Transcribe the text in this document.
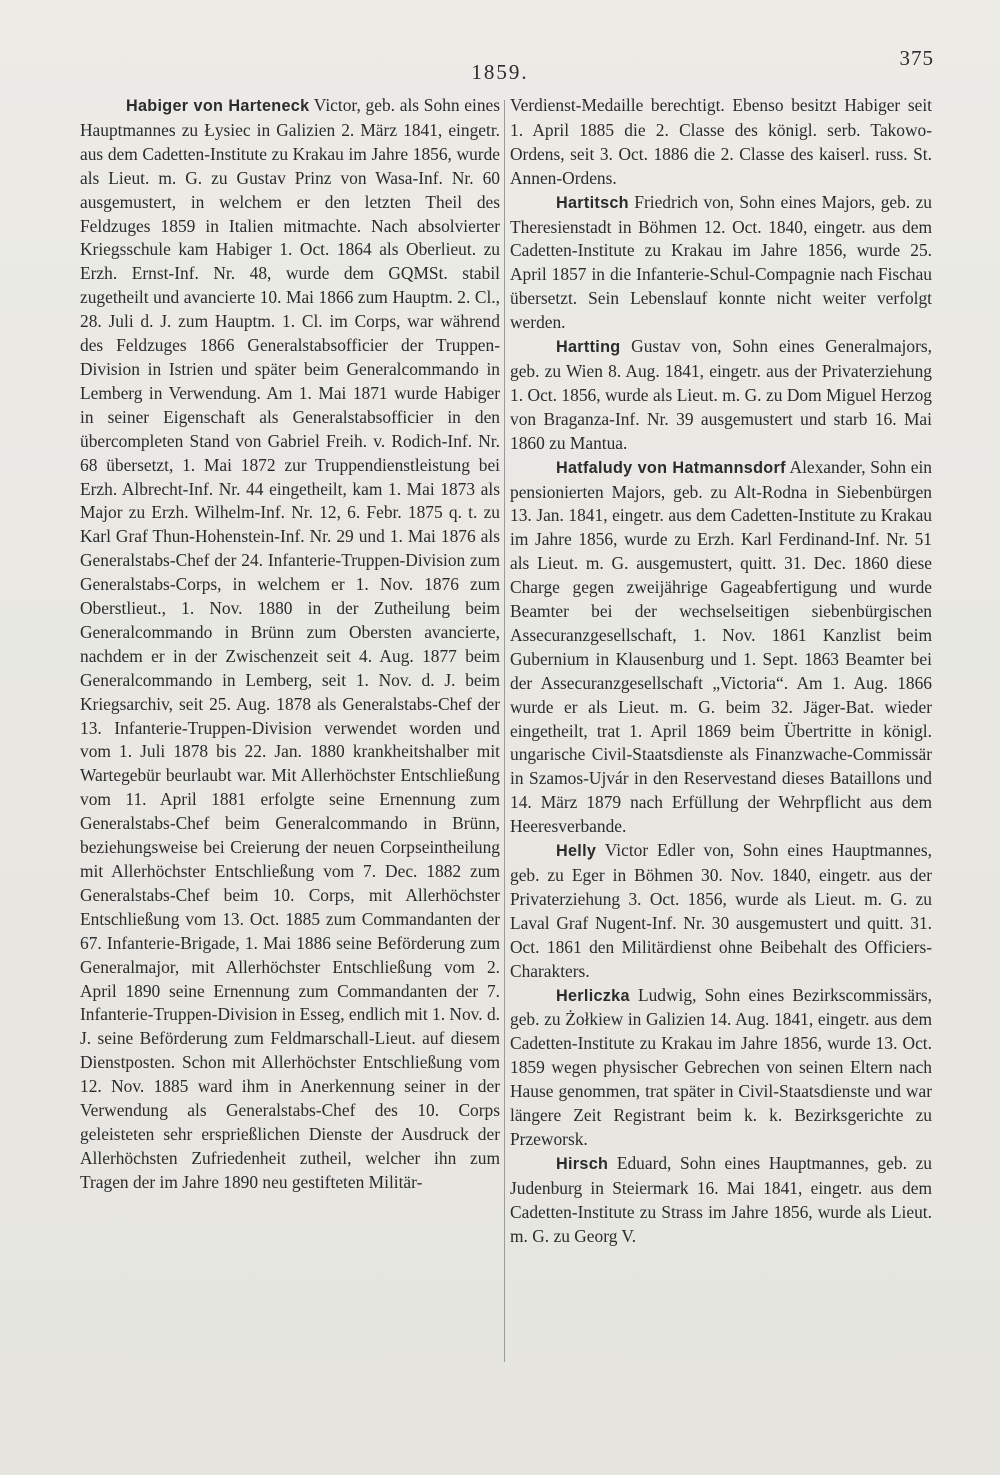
1859.
375

Habiger von Harteneck Victor, geb. als Sohn eines Hauptmannes zu Łysiec in Galizien 2. März 1841, eingetr. aus dem Cadetten-Institute zu Krakau im Jahre 1856, wurde als Lieut. m. G. zu Gustav Prinz von Wasa-Inf. Nr. 60 ausgemustert, in welchem er den letzten Theil des Feldzuges 1859 in Italien mitmachte. Nach absolvierter Kriegsschule kam Habiger 1. Oct. 1864 als Oberlieut. zu Erzh. Ernst-Inf. Nr. 48, wurde dem GQMSt. stabil zugetheilt und avancierte 10. Mai 1866 zum Hauptm. 2. Cl., 28. Juli d. J. zum Hauptm. 1. Cl. im Corps, war während des Feldzuges 1866 Generalstabsofficier der Truppen-Division in Istrien und später beim Generalcommando in Lemberg in Verwendung. Am 1. Mai 1871 wurde Habiger in seiner Eigenschaft als Generalstabsofficier in den übercompleten Stand von Gabriel Freih. v. Rodich-Inf. Nr. 68 übersetzt, 1. Mai 1872 zur Truppendienstleistung bei Erzh. Albrecht-Inf. Nr. 44 eingetheilt, kam 1. Mai 1873 als Major zu Erzh. Wilhelm-Inf. Nr. 12, 6. Febr. 1875 q. t. zu Karl Graf Thun-Hohenstein-Inf. Nr. 29 und 1. Mai 1876 als Generalstabs-Chef der 24. Infanterie-Truppen-Division zum Generalstabs-Corps, in welchem er 1. Nov. 1876 zum Oberstlieut., 1. Nov. 1880 in der Zutheilung beim Generalcommando in Brünn zum Obersten avancierte, nachdem er in der Zwischenzeit seit 4. Aug. 1877 beim Generalcommando in Lemberg, seit 1. Nov. d. J. beim Kriegsarchiv, seit 25. Aug. 1878 als Generalstabs-Chef der 13. Infanterie-Truppen-Division verwendet worden und vom 1. Juli 1878 bis 22. Jan. 1880 krankheitshalber mit Wartegebür beurlaubt war. Mit Allerhöchster Entschließung vom 11. April 1881 erfolgte seine Ernennung zum Generalstabs-Chef beim Generalcommando in Brünn, beziehungsweise bei Creierung der neuen Corpseintheilung mit Allerhöchster Entschließung vom 7. Dec. 1882 zum Generalstabs-Chef beim 10. Corps, mit Allerhöchster Entschließung vom 13. Oct. 1885 zum Commandanten der 67. Infanterie-Brigade, 1. Mai 1886 seine Beförderung zum Generalmajor, mit Allerhöchster Entschließung vom 2. April 1890 seine Ernennung zum Commandanten der 7. Infanterie-Truppen-Division in Esseg, endlich mit 1. Nov. d. J. seine Beförderung zum Feldmarschall-Lieut. auf diesem Dienstposten. Schon mit Allerhöchster Entschließung vom 12. Nov. 1885 ward ihm in Anerkennung seiner in der Verwendung als Generalstabs-Chef des 10. Corps geleisteten sehr ersprießlichen Dienste der Ausdruck der Allerhöchsten Zufriedenheit zutheil, welcher ihn zum Tragen der im Jahre 1890 neu gestifteten Militär-

Verdienst-Medaille berechtigt. Ebenso besitzt Habiger seit 1. April 1885 die 2. Classe des königl. serb. Takowo-Ordens, seit 3. Oct. 1886 die 2. Classe des kaiserl. russ. St. Annen-Ordens.

Hartitsch Friedrich von, Sohn eines Majors, geb. zu Theresienstadt in Böhmen 12. Oct. 1840, eingetr. aus dem Cadetten-Institute zu Krakau im Jahre 1856, wurde 25. April 1857 in die Infanterie-Schul-Compagnie nach Fischau übersetzt. Sein Lebenslauf konnte nicht weiter verfolgt werden.

Hartting Gustav von, Sohn eines Generalmajors, geb. zu Wien 8. Aug. 1841, eingetr. aus der Privaterziehung 1. Oct. 1856, wurde als Lieut. m. G. zu Dom Miguel Herzog von Braganza-Inf. Nr. 39 ausgemustert und starb 16. Mai 1860 zu Mantua.

Hatfaludy von Hatmannsdorf Alexander, Sohn ein pensionierten Majors, geb. zu Alt-Rodna in Siebenbürgen 13. Jan. 1841, eingetr. aus dem Cadetten-Institute zu Krakau im Jahre 1856, wurde zu Erzh. Karl Ferdinand-Inf. Nr. 51 als Lieut. m. G. ausgemustert, quitt. 31. Dec. 1860 diese Charge gegen zweijährige Gageabfertigung und wurde Beamter bei der wechselseitigen siebenbürgischen Assecuranzgesellschaft, 1. Nov. 1861 Kanzlist beim Gubernium in Klausenburg und 1. Sept. 1863 Beamter bei der Assecuranzgesellschaft „Victoria“. Am 1. Aug. 1866 wurde er als Lieut. m. G. beim 32. Jäger-Bat. wieder eingetheilt, trat 1. April 1869 beim Übertritte in königl. ungarische Civil-Staatsdienste als Finanzwache-Commissär in Szamos-Ujvár in den Reservestand dieses Bataillons und 14. März 1879 nach Erfüllung der Wehrpflicht aus dem Heeresverbande.

Helly Victor Edler von, Sohn eines Hauptmannes, geb. zu Eger in Böhmen 30. Nov. 1840, eingetr. aus der Privaterziehung 3. Oct. 1856, wurde als Lieut. m. G. zu Laval Graf Nugent-Inf. Nr. 30 ausgemustert und quitt. 31. Oct. 1861 den Militärdienst ohne Beibehalt des Officiers-Charakters.

Herliczka Ludwig, Sohn eines Bezirkscommissärs, geb. zu Żołkiew in Galizien 14. Aug. 1841, eingetr. aus dem Cadetten-Institute zu Krakau im Jahre 1856, wurde 13. Oct. 1859 wegen physischer Gebrechen von seinen Eltern nach Hause genommen, trat später in Civil-Staatsdienste und war längere Zeit Registrant beim k. k. Bezirksgerichte zu Przeworsk.

Hirsch Eduard, Sohn eines Hauptmannes, geb. zu Judenburg in Steiermark 16. Mai 1841, eingetr. aus dem Cadetten-Institute zu Strass im Jahre 1856, wurde als Lieut. m. G. zu Georg V.
